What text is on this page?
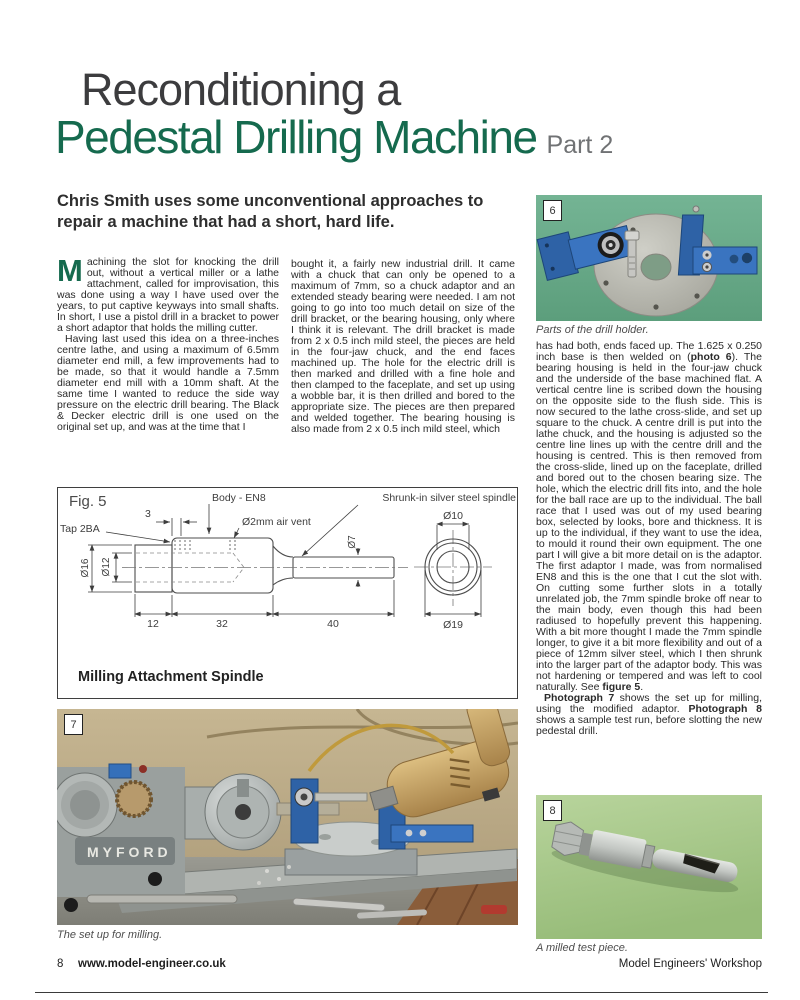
Reconditioning a
Pedestal Drilling Machine Part 2

Chris Smith uses some unconventional approaches to repair a machine that had a short, hard life.

Machining the slot for knocking the drill out, without a vertical miller or a lathe attachment, called for improvisation, this was done using a way I have used over the years, to put captive keyways into small shafts. In short, I use a pistol drill in a bracket to power a short adaptor that holds the milling cutter.

Having last used this idea on a three-inches centre lathe, and using a maximum of 6.5mm diameter end mill, a few improvements had to be made, so that it would handle a 7.5mm diameter end mill with a 10mm shaft. At the same time I wanted to reduce the side way pressure on the electric drill bearing. The Black & Decker electric drill is one used on the original set up, and was at the time that I

bought it, a fairly new industrial drill. It came with a chuck that can only be opened to a maximum of 7mm, so a chuck adaptor and an extended steady bearing were needed. I am not going to go into too much detail on size of the drill bracket, or the bearing housing, only where I think it is relevant. The drill bracket is made from 2 x 0.5 inch mild steel, the pieces are held in the four-jaw chuck, and the end faces machined up. The hole for the electric drill is then marked and drilled with a fine hole and then clamped to the faceplate, and set up using a wobble bar, it is then drilled and bored to the appropriate size. The pieces are then prepared and welded together. The bearing housing is also made from 2 x 0.5 inch mild steel, which

has had both, ends faced up. The 1.625 x 0.250 inch base is then welded on (photo 6). The bearing housing is held in the four-jaw chuck and the underside of the base machined flat. A vertical centre line is scribed down the housing on the opposite side to the flush side. This is now secured to the lathe cross-slide, and set up square to the chuck. A centre drill is put into the lathe chuck, and the housing is adjusted so the centre line lines up with the centre drill and the housing is centred. This is then removed from the cross-slide, lined up on the faceplate, drilled and bored out to the chosen bearing size. The hole, which the electric drill fits into, and the hole for the ball race are up to the individual. The ball race that I used was out of my used bearing box, selected by looks, bore and thickness. It is up to the individual, if they want to use the idea, to mould it round their own equipment. The one part I will give a bit more detail on is the adaptor. The first adaptor I made, was from normalised EN8 and this is the one that I cut the slot with. On cutting some further slots in a totally unrelated job, the 7mm spindle broke off near to the main body, even though this had been radiused to hopefully prevent this happening. With a bit more thought I made the 7mm spindle longer, to give it a bit more flexibility and out of a piece of 12mm silver steel, which I then shrunk into the larger part of the adaptor body. This was not hardening or tempered and was left to cool naturally. See figure 5.

Photograph 7 shows the set up for milling, using the modified adaptor. Photograph 8 shows a sample test run, before slotting the new pedestal drill.

6
Parts of the drill holder.
Body - EN8	Shrunk-in silver steel spindle
Ø2mm air vent
Tap 2BA
3
Ø16 Ø12
Ø7
Ø10
Ø19
12	32	40
Fig. 5
Milling Attachment Spindle
MYFORD
7
The set up for milling.
8
A milled test piece.
8 www.model-engineer.co.uk	Model Engineers' Workshop
